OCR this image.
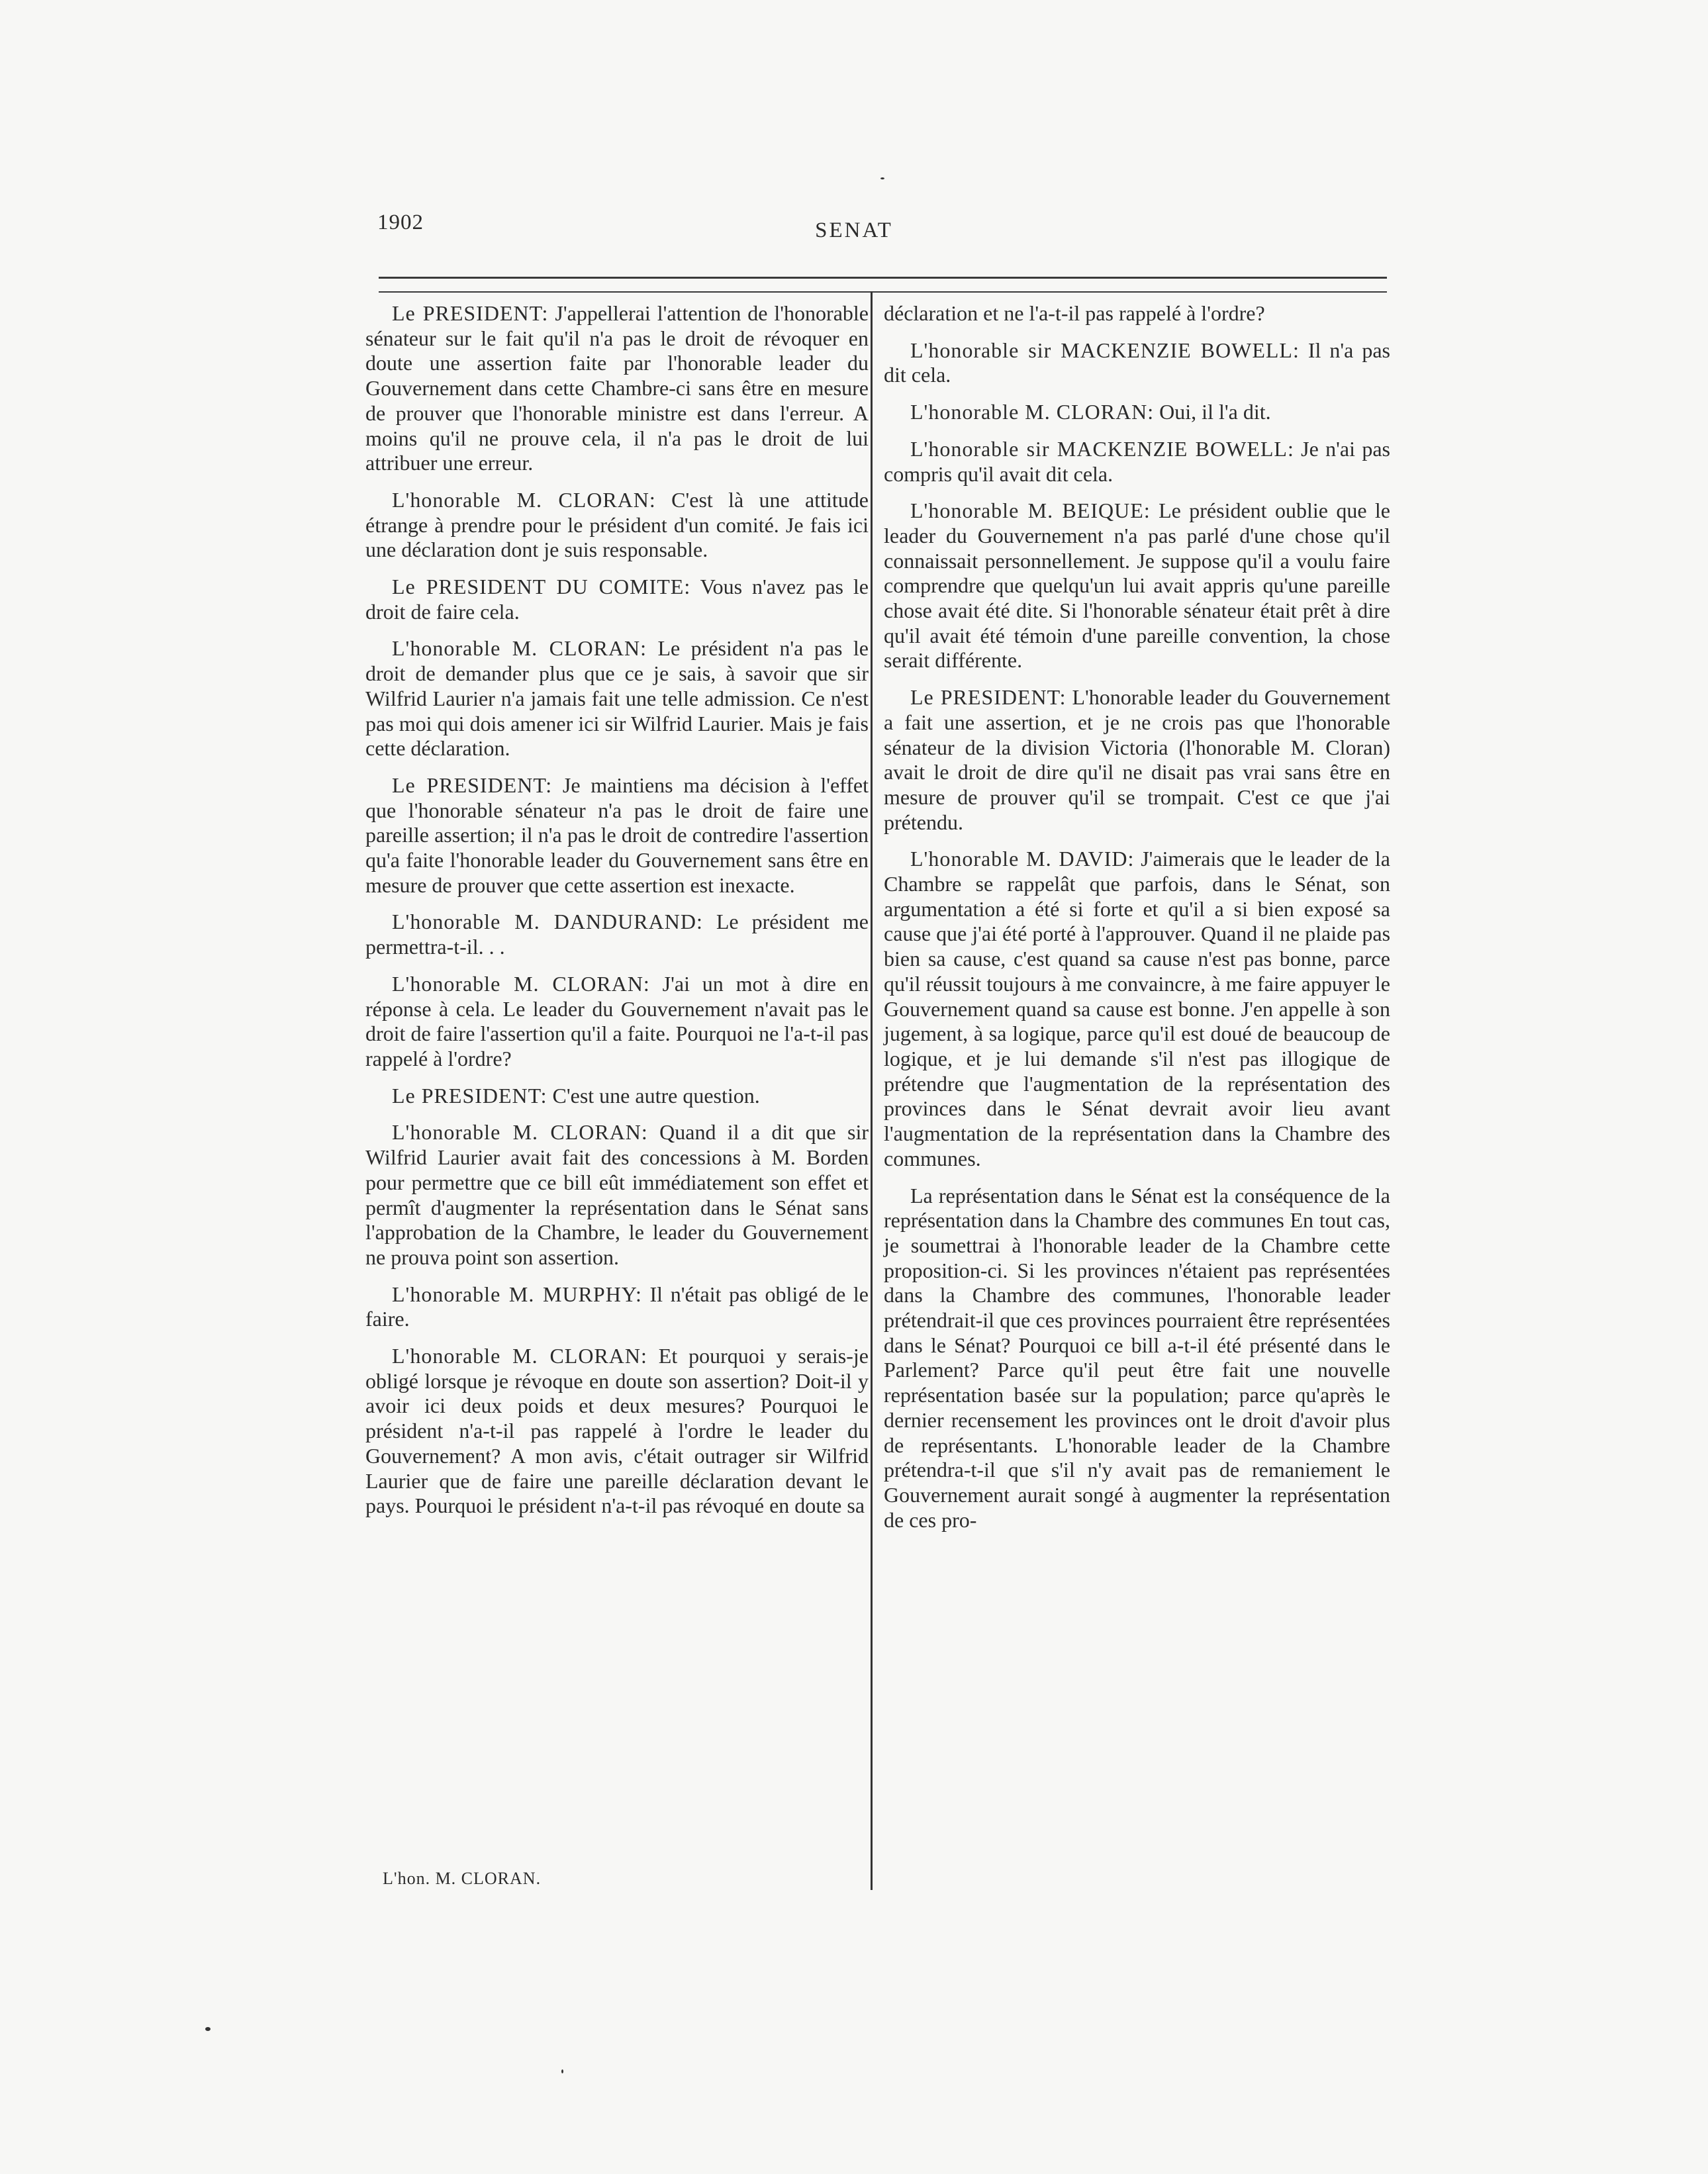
1902	SENAT

Le PRESIDENT: J'appellerai l'attention de l'honorable sénateur sur le fait qu'il n'a pas le droit de révoquer en doute une assertion faite par l'honorable leader du Gouvernement dans cette Chambre-ci sans être en mesure de prouver que l'honorable ministre est dans l'erreur. A moins qu'il ne prouve cela, il n'a pas le droit de lui attribuer une erreur.

L'honorable M. CLORAN: C'est là une attitude étrange à prendre pour le président d'un comité. Je fais ici une déclaration dont je suis responsable.

Le PRESIDENT DU COMITE: Vous n'avez pas le droit de faire cela.

L'honorable M. CLORAN: Le président n'a pas le droit de demander plus que ce je sais, à savoir que sir Wilfrid Laurier n'a jamais fait une telle admission. Ce n'est pas moi qui dois amener ici sir Wilfrid Laurier. Mais je fais cette déclaration.

Le PRESIDENT: Je maintiens ma décision à l'effet que l'honorable sénateur n'a pas le droit de faire une pareille assertion; il n'a pas le droit de contredire l'assertion qu'a faite l'honorable leader du Gouvernement sans être en mesure de prouver que cette assertion est inexacte.

L'honorable M. DANDURAND: Le président me permettra-t-il. . .

L'honorable M. CLORAN: J'ai un mot à dire en réponse à cela. Le leader du Gouvernement n'avait pas le droit de faire l'assertion qu'il a faite. Pourquoi ne l'a-t-il pas rappelé à l'ordre?

Le PRESIDENT: C'est une autre question.

L'honorable M. CLORAN: Quand il a dit que sir Wilfrid Laurier avait fait des concessions à M. Borden pour permettre que ce bill eût immédiatement son effet et permît d'augmenter la représentation dans le Sénat sans l'approbation de la Chambre, le leader du Gouvernement ne prouva point son assertion.

L'honorable M. MURPHY: Il n'était pas obligé de le faire.

L'honorable M. CLORAN: Et pourquoi y serais-je obligé lorsque je révoque en doute son assertion? Doit-il y avoir ici deux poids et deux mesures? Pourquoi le président n'a-t-il pas rappelé à l'ordre le leader du Gouvernement? A mon avis, c'était outrager sir Wilfrid Laurier que de faire une pareille déclaration devant le pays. Pourquoi le président n'a-t-il pas révoqué en doute sa

déclaration et ne l'a-t-il pas rappelé à l'ordre?

L'honorable sir MACKENZIE BOWELL: Il n'a pas dit cela.

L'honorable M. CLORAN: Oui, il l'a dit.

L'honorable sir MACKENZIE BOWELL: Je n'ai pas compris qu'il avait dit cela.

L'honorable M. BEIQUE: Le président oublie que le leader du Gouvernement n'a pas parlé d'une chose qu'il connaissait personnellement. Je suppose qu'il a voulu faire comprendre que quelqu'un lui avait appris qu'une pareille chose avait été dite. Si l'honorable sénateur était prêt à dire qu'il avait été témoin d'une pareille convention, la chose serait différente.

Le PRESIDENT: L'honorable leader du Gouvernement a fait une assertion, et je ne crois pas que l'honorable sénateur de la division Victoria (l'honorable M. Cloran) avait le droit de dire qu'il ne disait pas vrai sans être en mesure de prouver qu'il se trompait. C'est ce que j'ai prétendu.

L'honorable M. DAVID: J'aimerais que le leader de la Chambre se rappelât que parfois, dans le Sénat, son argumentation a été si forte et qu'il a si bien exposé sa cause que j'ai été porté à l'approuver. Quand il ne plaide pas bien sa cause, c'est quand sa cause n'est pas bonne, parce qu'il réussit toujours à me convaincre, à me faire appuyer le Gouvernement quand sa cause est bonne. J'en appelle à son jugement, à sa logique, parce qu'il est doué de beaucoup de logique, et je lui demande s'il n'est pas illogique de prétendre que l'augmentation de la représentation des provinces dans le Sénat devrait avoir lieu avant l'augmentation de la représentation dans la Chambre des communes.

La représentation dans le Sénat est la conséquence de la représentation dans la Chambre des communes En tout cas, je soumettrai à l'honorable leader de la Chambre cette proposition-ci. Si les provinces n'étaient pas représentées dans la Chambre des communes, l'honorable leader prétendrait-il que ces provinces pourraient être représentées dans le Sénat? Pourquoi ce bill a-t-il été présenté dans le Parlement? Parce qu'il peut être fait une nouvelle représentation basée sur la population; parce qu'après le dernier recensement les provinces ont le droit d'avoir plus de représentants. L'honorable leader de la Chambre prétendra-t-il que s'il n'y avait pas de remaniement le Gouvernement aurait songé à augmenter la représentation de ces pro-

L'hon. M. CLORAN.
